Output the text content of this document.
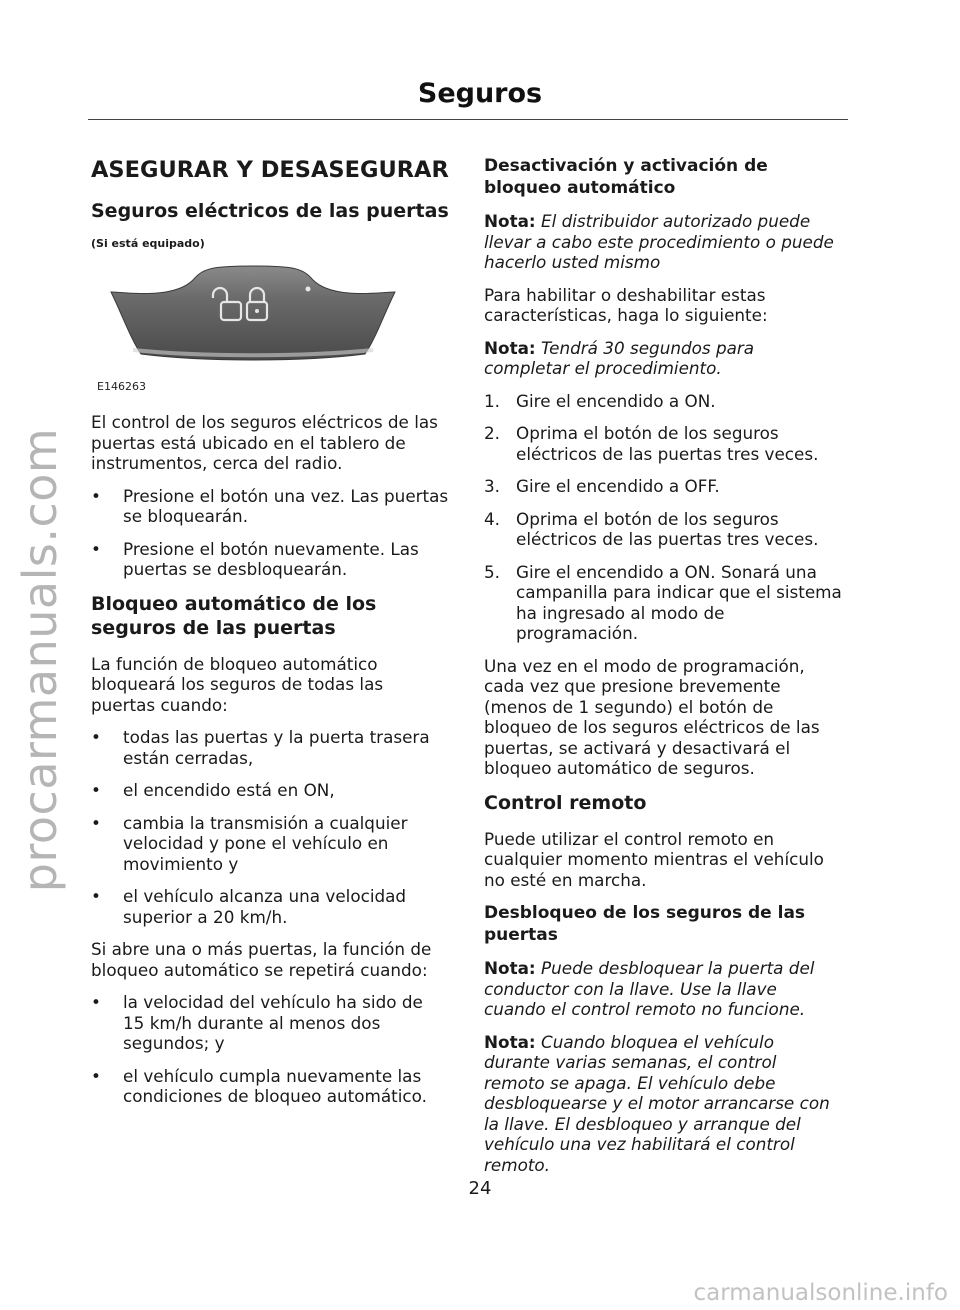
procarmanuals.com
Seguros
ASEGURAR Y DESASEGURAR
Seguros eléctricos de las puertas
(Si está equipado)
E146263

El control de los seguros eléctricos de las puertas está ubicado en el tablero de instrumentos, cerca del radio.

• Presione el botón una vez. Las puertas se bloquearán.
• Presione el botón nuevamente. Las puertas se desbloquearán.
Bloqueo automático de los seguros de las puertas

La función de bloqueo automático bloqueará los seguros de todas las puertas cuando:

• todas las puertas y la puerta trasera están cerradas,
• el encendido está en ON,
• cambia la transmisión a cualquier velocidad y pone el vehículo en movimiento y
• el vehículo alcanza una velocidad superior a 20 km/h.

Si abre una o más puertas, la función de bloqueo automático se repetirá cuando:

• la velocidad del vehículo ha sido de 15 km/h durante al menos dos segundos; y
• el vehículo cumpla nuevamente las condiciones de bloqueo automático.
Desactivación y activación de bloqueo automático

Nota: El distribuidor autorizado puede llevar a cabo este procedimiento o puede hacerlo usted mismo

Para habilitar o deshabilitar estas características, haga lo siguiente:

Nota: Tendrá 30 segundos para completar el procedimiento.

1. Gire el encendido a ON.
2. Oprima el botón de los seguros eléctricos de las puertas tres veces.
3. Gire el encendido a OFF.
4. Oprima el botón de los seguros eléctricos de las puertas tres veces.
5. Gire el encendido a ON. Sonará una campanilla para indicar que el sistema ha ingresado al modo de programación.

Una vez en el modo de programación, cada vez que presione brevemente (menos de 1 segundo) el botón de bloqueo de los seguros eléctricos de las puertas, se activará y desactivará el bloqueo automático de seguros.

Control remoto

Puede utilizar el control remoto en cualquier momento mientras el vehículo no esté en marcha.

Desbloqueo de los seguros de las puertas

Nota: Puede desbloquear la puerta del conductor con la llave. Use la llave cuando el control remoto no funcione.

Nota: Cuando bloquea el vehículo durante varias semanas, el control remoto se apaga. El vehículo debe desbloquearse y el motor arrancarse con la llave. El desbloqueo y arranque del vehículo una vez habilitará el control remoto.

24
carmanualsonline.info
